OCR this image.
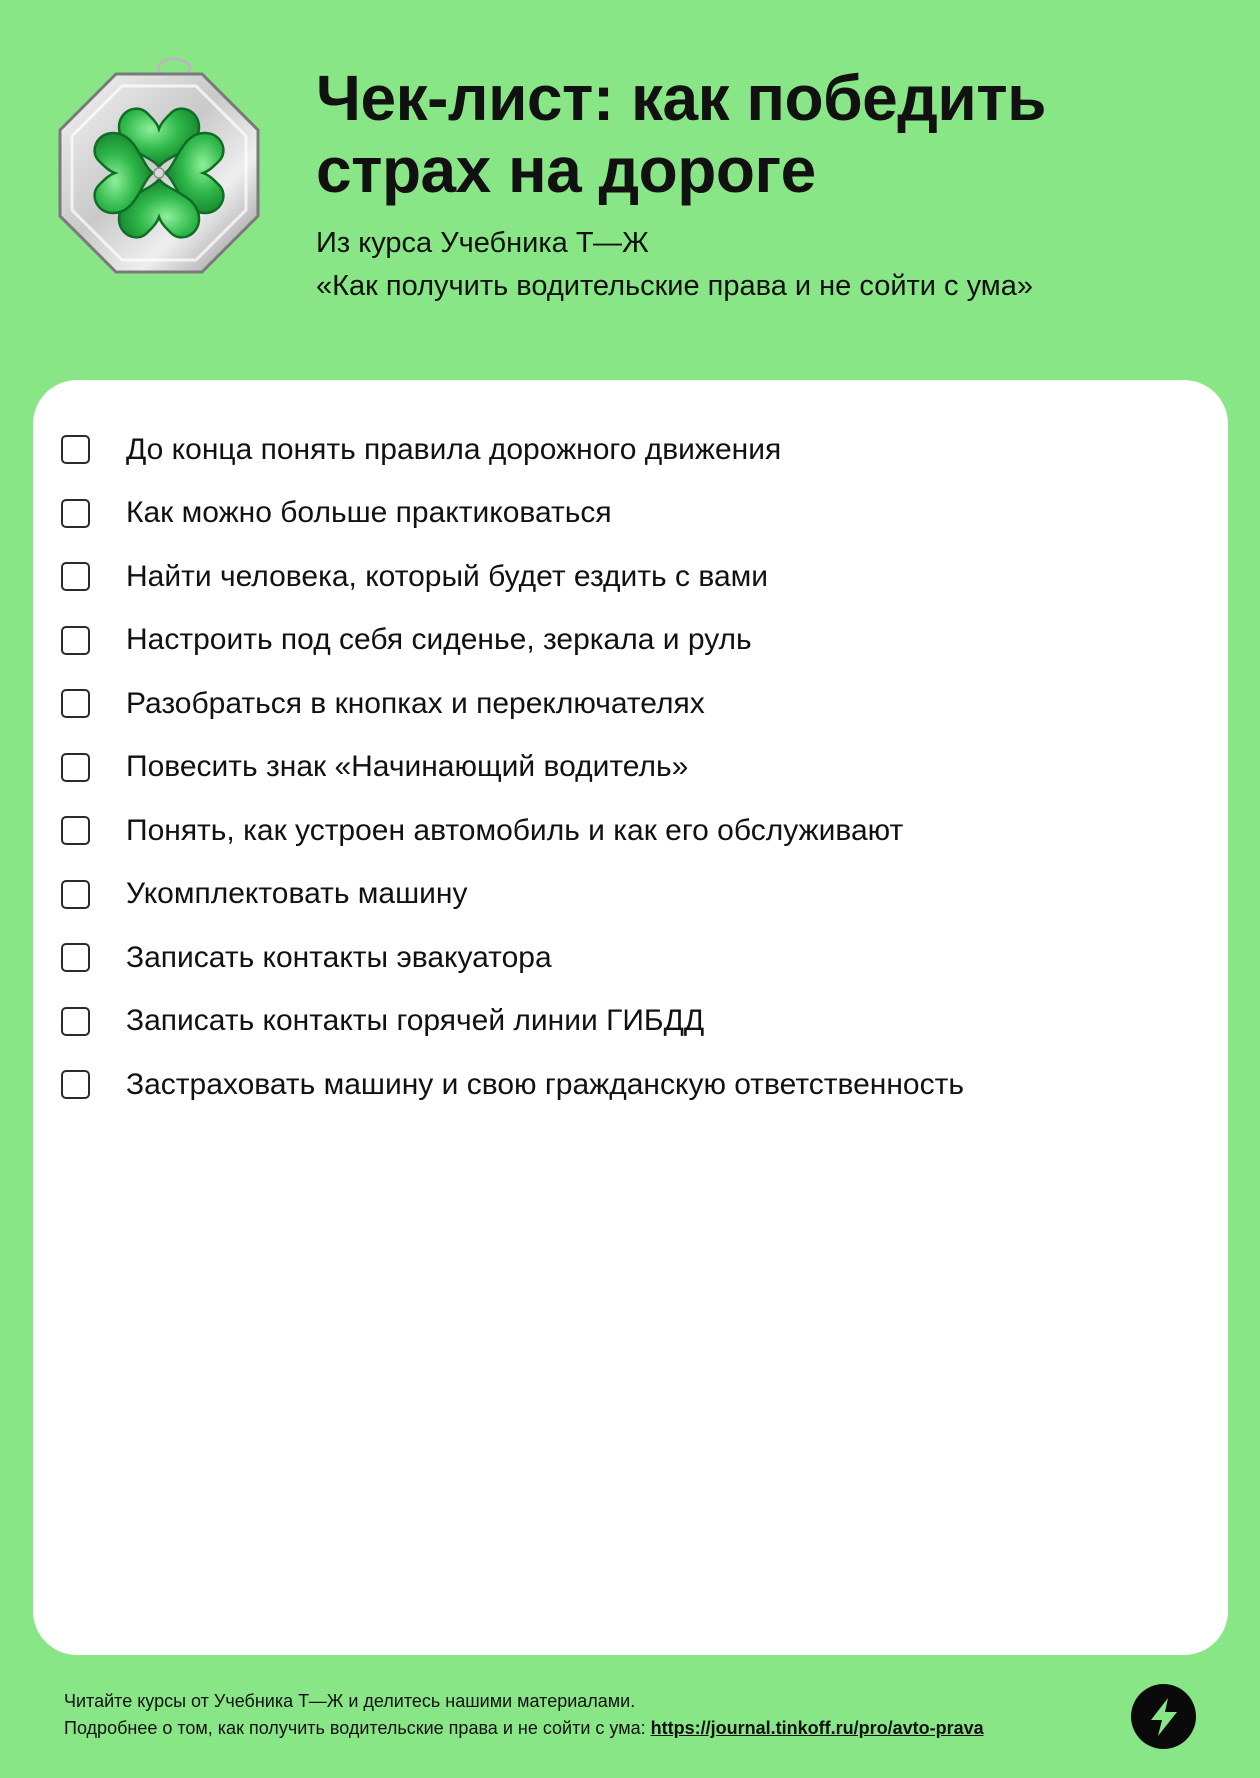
Чек-лист: как победить страх на дороге

Из курса Учебника Т—Ж
«Как получить водительские права и не сойти с ума»

До конца понять правила дорожного движения
Как можно больше практиковаться
Найти человека, который будет ездить с вами
Настроить под себя сиденье, зеркала и руль
Разобраться в кнопках и переключателях
Повесить знак «Начинающий водитель»
Понять, как устроен автомобиль и как его обслуживают
Укомплектовать машину
Записать контакты эвакуатора
Записать контакты горячей линии ГИБДД
Застраховать машину и свою гражданскую ответственность

Читайте курсы от Учебника Т—Ж и делитесь нашими материалами.

Подробнее о том, как получить водительские права и не сойти с ума: https://journal.tinkoff.ru/pro/avto-prava
